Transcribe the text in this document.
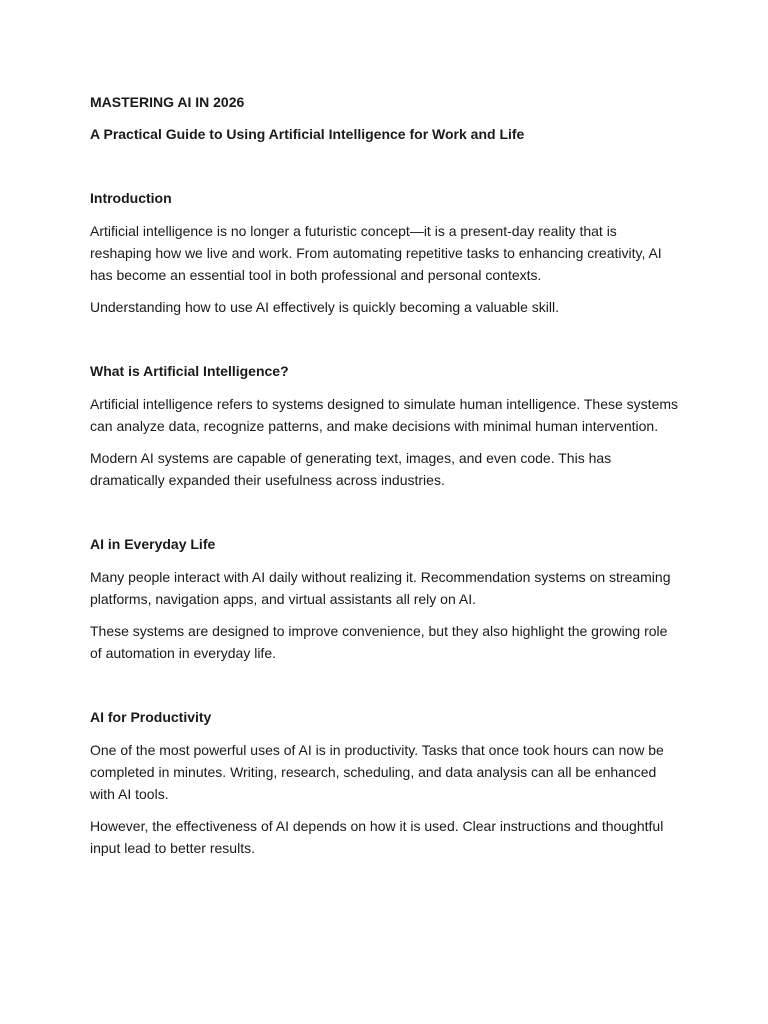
MASTERING AI IN 2026
A Practical Guide to Using Artificial Intelligence for Work and Life
Introduction

Artificial intelligence is no longer a futuristic concept—it is a present-day reality that is reshaping how we live and work. From automating repetitive tasks to enhancing creativity, AI has become an essential tool in both professional and personal contexts.

Understanding how to use AI effectively is quickly becoming a valuable skill.

What is Artificial Intelligence?

Artificial intelligence refers to systems designed to simulate human intelligence. These systems can analyze data, recognize patterns, and make decisions with minimal human intervention.

Modern AI systems are capable of generating text, images, and even code. This has dramatically expanded their usefulness across industries.

AI in Everyday Life

Many people interact with AI daily without realizing it. Recommendation systems on streaming platforms, navigation apps, and virtual assistants all rely on AI.

These systems are designed to improve convenience, but they also highlight the growing role of automation in everyday life.

AI for Productivity

One of the most powerful uses of AI is in productivity. Tasks that once took hours can now be completed in minutes. Writing, research, scheduling, and data analysis can all be enhanced with AI tools.

However, the effectiveness of AI depends on how it is used. Clear instructions and thoughtful input lead to better results.
